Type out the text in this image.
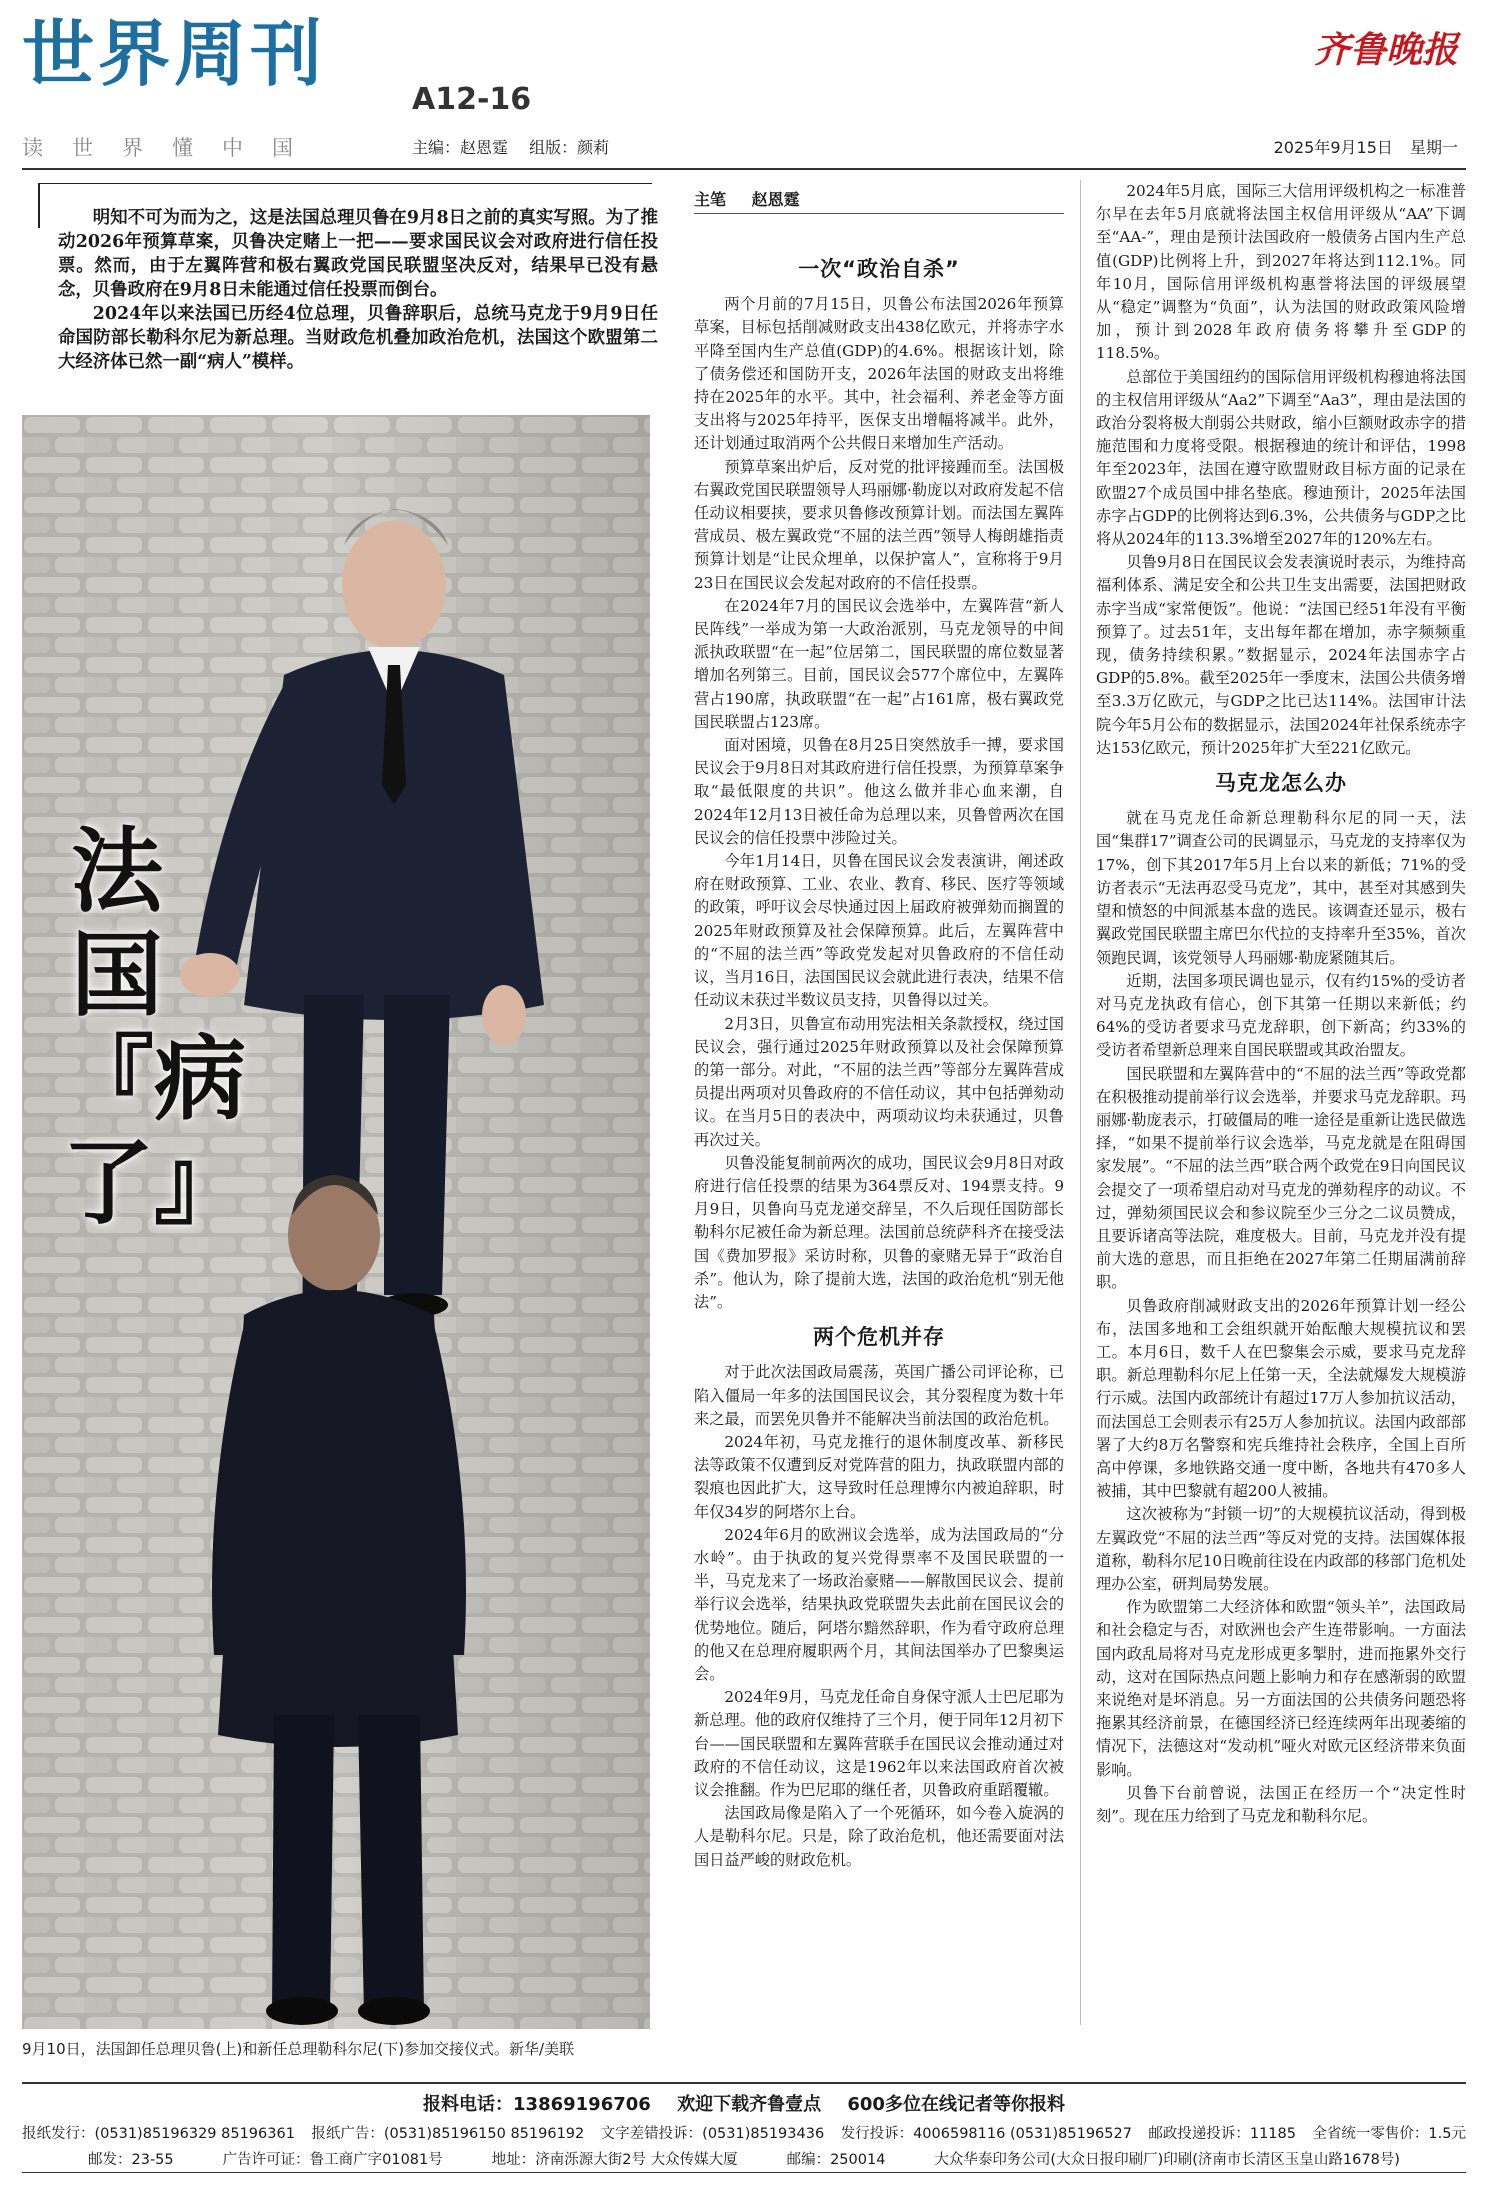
世界周刊
A12-16
读世界懂中国	主编：赵恩霆 组版：颜莉
齐鲁晚报
2025年9月15日 星期一

明知不可为而为之，这是法国总理贝鲁在9月8日之前的真实写照。为了推动2026年预算草案，贝鲁决定赌上一把——要求国民议会对政府进行信任投票。然而，由于左翼阵营和极右翼政党国民联盟坚决反对，结果早已没有悬念，贝鲁政府在9月8日未能通过信任投票而倒台。

2024年以来法国已历经4位总理，贝鲁辞职后，总统马克龙于9月9日任命国防部长勒科尔尼为新总理。当财政危机叠加政治危机，法国这个欧盟第二大经济体已然一副“病人”模样。

法国『病了』
9月10日，法国卸任总理贝鲁(上)和新任总理勒科尔尼(下)参加交接仪式。新华/美联
主笔 赵恩霆
一次“政治自杀”

两个月前的7月15日，贝鲁公布法国2026年预算草案，目标包括削减财政支出438亿欧元，并将赤字水平降至国内生产总值(GDP)的4.6%。根据该计划，除了债务偿还和国防开支，2026年法国的财政支出将维持在2025年的水平。其中，社会福利、养老金等方面支出将与2025年持平，医保支出增幅将减半。此外，还计划通过取消两个公共假日来增加生产活动。

预算草案出炉后，反对党的批评接踵而至。法国极右翼政党国民联盟领导人玛丽娜·勒庞以对政府发起不信任动议相要挟，要求贝鲁修改预算计划。而法国左翼阵营成员、极左翼政党“不屈的法兰西”领导人梅朗雄指责预算计划是“让民众埋单，以保护富人”，宣称将于9月23日在国民议会发起对政府的不信任投票。

在2024年7月的国民议会选举中，左翼阵营“新人民阵线”一举成为第一大政治派别，马克龙领导的中间派执政联盟“在一起”位居第二，国民联盟的席位数显著增加名列第三。目前，国民议会577个席位中，左翼阵营占190席，执政联盟“在一起”占161席，极右翼政党国民联盟占123席。

面对困境，贝鲁在8月25日突然放手一搏，要求国民议会于9月8日对其政府进行信任投票，为预算草案争取“最低限度的共识”。他这么做并非心血来潮，自2024年12月13日被任命为总理以来，贝鲁曾两次在国民议会的信任投票中涉险过关。

今年1月14日，贝鲁在国民议会发表演讲，阐述政府在财政预算、工业、农业、教育、移民、医疗等领域的政策，呼吁议会尽快通过因上届政府被弹劾而搁置的2025年财政预算及社会保障预算。此后，左翼阵营中的“不屈的法兰西”等政党发起对贝鲁政府的不信任动议，当月16日，法国国民议会就此进行表决，结果不信任动议未获过半数议员支持，贝鲁得以过关。

2月3日，贝鲁宣布动用宪法相关条款授权，绕过国民议会，强行通过2025年财政预算以及社会保障预算的第一部分。对此，“不屈的法兰西”等部分左翼阵营成员提出两项对贝鲁政府的不信任动议，其中包括弹劾动议。在当月5日的表决中，两项动议均未获通过，贝鲁再次过关。

贝鲁没能复制前两次的成功，国民议会9月8日对政府进行信任投票的结果为364票反对、194票支持。9月9日，贝鲁向马克龙递交辞呈，不久后现任国防部长勒科尔尼被任命为新总理。法国前总统萨科齐在接受法国《费加罗报》采访时称，贝鲁的豪赌无异于“政治自杀”。他认为，除了提前大选，法国的政治危机“别无他法”。

两个危机并存

对于此次法国政局震荡，英国广播公司评论称，已陷入僵局一年多的法国国民议会，其分裂程度为数十年来之最，而罢免贝鲁并不能解决当前法国的政治危机。

2024年初，马克龙推行的退休制度改革、新移民法等政策不仅遭到反对党阵营的阻力，执政联盟内部的裂痕也因此扩大，这导致时任总理博尔内被迫辞职，时年仅34岁的阿塔尔上台。

2024年6月的欧洲议会选举，成为法国政局的“分水岭”。由于执政的复兴党得票率不及国民联盟的一半，马克龙来了一场政治豪赌——解散国民议会、提前举行议会选举，结果执政党联盟失去此前在国民议会的优势地位。随后，阿塔尔黯然辞职，作为看守政府总理的他又在总理府履职两个月，其间法国举办了巴黎奥运会。

2024年9月，马克龙任命自身保守派人士巴尼耶为新总理。他的政府仅维持了三个月，便于同年12月初下台——国民联盟和左翼阵营联手在国民议会推动通过对政府的不信任动议，这是1962年以来法国政府首次被议会推翻。作为巴尼耶的继任者，贝鲁政府重蹈覆辙。

法国政局像是陷入了一个死循环，如今卷入旋涡的人是勒科尔尼。只是，除了政治危机，他还需要面对法国日益严峻的财政危机。

2024年5月底，国际三大信用评级机构之一标准普尔早在去年5月底就将法国主权信用评级从“AA”下调至“AA-”，理由是预计法国政府一般债务占国内生产总值(GDP)比例将上升，到2027年将达到112.1%。同年10月，国际信用评级机构惠誉将法国的评级展望从“稳定”调整为“负面”，认为法国的财政政策风险增加，预计到2028年政府债务将攀升至GDP的118.5%。

总部位于美国纽约的国际信用评级机构穆迪将法国的主权信用评级从“Aa2”下调至“Aa3”，理由是法国的政治分裂将极大削弱公共财政，缩小巨额财政赤字的措施范围和力度将受限。根据穆迪的统计和评估，1998年至2023年，法国在遵守欧盟财政目标方面的记录在欧盟27个成员国中排名垫底。穆迪预计，2025年法国赤字占GDP的比例将达到6.3%，公共债务与GDP之比将从2024年的113.3%增至2027年的120%左右。

贝鲁9月8日在国民议会发表演说时表示，为维持高福利体系、满足安全和公共卫生支出需要，法国把财政赤字当成“家常便饭”。他说：“法国已经51年没有平衡预算了。过去51年，支出每年都在增加，赤字频频重现，债务持续积累。”数据显示，2024年法国赤字占GDP的5.8%。截至2025年一季度末，法国公共债务增至3.3万亿欧元，与GDP之比已达114%。法国审计法院今年5月公布的数据显示，法国2024年社保系统赤字达153亿欧元，预计2025年扩大至221亿欧元。

马克龙怎么办

就在马克龙任命新总理勒科尔尼的同一天，法国“集群17”调查公司的民调显示，马克龙的支持率仅为17%，创下其2017年5月上台以来的新低；71%的受访者表示“无法再忍受马克龙”，其中，甚至对其感到失望和愤怒的中间派基本盘的选民。该调查还显示，极右翼政党国民联盟主席巴尔代拉的支持率升至35%，首次领跑民调，该党领导人玛丽娜·勒庞紧随其后。

近期，法国多项民调也显示，仅有约15%的受访者对马克龙执政有信心，创下其第一任期以来新低；约64%的受访者要求马克龙辞职，创下新高；约33%的受访者希望新总理来自国民联盟或其政治盟友。

国民联盟和左翼阵营中的“不屈的法兰西”等政党都在积极推动提前举行议会选举，并要求马克龙辞职。玛丽娜·勒庞表示，打破僵局的唯一途径是重新让选民做选择，“如果不提前举行议会选举，马克龙就是在阻碍国家发展”。“不屈的法兰西”联合两个政党在9日向国民议会提交了一项希望启动对马克龙的弹劾程序的动议。不过，弹劾须国民议会和参议院至少三分之二议员赞成，且要诉诸高等法院，难度极大。目前，马克龙并没有提前大选的意思，而且拒绝在2027年第二任期届满前辞职。

贝鲁政府削减财政支出的2026年预算计划一经公布，法国多地和工会组织就开始酝酿大规模抗议和罢工。本月6日，数千人在巴黎集会示威，要求马克龙辞职。新总理勒科尔尼上任第一天，全法就爆发大规模游行示威。法国内政部统计有超过17万人参加抗议活动，而法国总工会则表示有25万人参加抗议。法国内政部部署了大约8万名警察和宪兵维持社会秩序，全国上百所高中停课，多地铁路交通一度中断，各地共有470多人被捕，其中巴黎就有超200人被捕。

这次被称为“封锁一切”的大规模抗议活动，得到极左翼政党“不屈的法兰西”等反对党的支持。法国媒体报道称，勒科尔尼10日晚前往设在内政部的移部门危机处理办公室，研判局势发展。

作为欧盟第二大经济体和欧盟“领头羊”，法国政局和社会稳定与否，对欧洲也会产生连带影响。一方面法国内政乱局将对马克龙形成更多掣肘，进而拖累外交行动，这对在国际热点问题上影响力和存在感渐弱的欧盟来说绝对是坏消息。另一方面法国的公共债务问题恐将拖累其经济前景，在德国经济已经连续两年出现萎缩的情况下，法德这对“发动机”哑火对欧元区经济带来负面影响。

贝鲁下台前曾说，法国正在经历一个“决定性时刻”。现在压力给到了马克龙和勒科尔尼。

报料电话：13869196706 欢迎下载齐鲁壹点 600多位在线记者等你报料
报纸发行：(0531)85196329 85196361 报纸广告：(0531)85196150 85196192 文字差错投诉：(0531)85193436 发行投诉：4006598116 (0531)85196527 邮政投递投诉：11185 全省统一零售价：1.5元
邮发：23-55	广告许可证：鲁工商广字01081号	地址：济南泺源大街2号 大众传媒大厦	邮编：250014	大众华泰印务公司(大众日报印刷厂)印刷(济南市长清区玉皇山路1678号)
